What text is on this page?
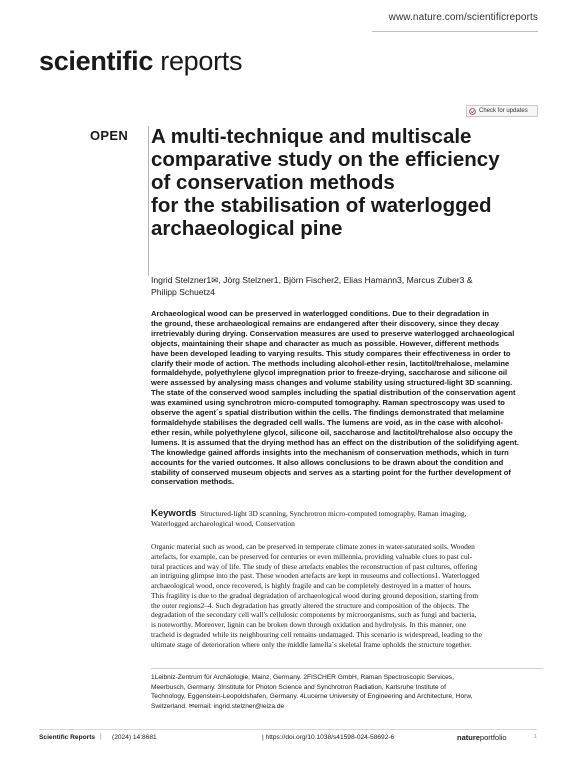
www.nature.com/scientificreports
scientific reports
Check for updates
OPEN A multi-technique and multiscale
comparative study on the efficiency
of conservation methods
for the stabilisation of waterlogged
archaeological pine
Ingrid Stelzner1✉, Jörg Stelzner1, Björn Fischer2, Elias Hamann3, Marcus Zuber3 &
Philipp Schuetz4
Archaeological wood can be preserved in waterlogged conditions. Due to their degradation in
the ground, these archaeological remains are endangered after their discovery, since they decay
irretrievably during drying. Conservation measures are used to preserve waterlogged archaeological
objects, maintaining their shape and character as much as possible. However, different methods
have been developed leading to varying results. This study compares their effectiveness in order to
clarify their mode of action. The methods including alcohol-ether resin, lactitol/trehalose, melamine
formaldehyde, polyethylene glycol impregnation prior to freeze-drying, saccharose and silicone oil
were assessed by analysing mass changes and volume stability using structured-light 3D scanning.
The state of the conserved wood samples including the spatial distribution of the conservation agent
was examined using synchrotron micro-computed tomography. Raman spectroscopy was used to
observe the agent´s spatial distribution within the cells. The findings demonstrated that melamine
formaldehyde stabilises the degraded cell walls. The lumens are void, as in the case with alcohol-
ether resin, while polyethylene glycol, silicone oil, saccharose and lactitol/trehalose also occupy the
lumens. It is assumed that the drying method has an effect on the distribution of the solidifying agent.
The knowledge gained affords insights into the mechanism of conservation methods, which in turn
accounts for the varied outcomes. It also allows conclusions to be drawn about the condition and
stability of conserved museum objects and serves as a starting point for the further development of
conservation methods.
Keywords Structured-light 3D scanning, Synchrotron micro-computed tomography, Raman imaging,
Waterlogged archaeological wood, Conservation
Organic material such as wood, can be preserved in temperate climate zones in water-saturated soils. Wooden
artefacts, for example, can be preserved for centuries or even millennia, providing valuable clues to past cul-
tural practices and way of life. The study of these artefacts enables the reconstruction of past cultures, offering
an intriguing glimpse into the past. These wooden artefacts are kept in museums and collections1. Waterlogged
archaeological wood, once recovered, is highly fragile and can be completely destroyed in a matter of hours.
This fragility is due to the gradual degradation of archaeological wood during ground deposition, starting from
the outer regions2–4. Such degradation has greatly altered the structure and composition of the objects. The
degradation of the secondary cell wall's cellulosic components by microorganisms, such as fungi and bacteria,
is noteworthy. Moreover, lignin can be broken down through oxidation and hydrolysis. In this manner, one
tracheid is degraded while its neighbouring cell remains undamaged. This scenario is widespread, leading to the
ultimate stage of deterioration where only the middle lamella´s skeletal frame upholds the structure together.
1Leibniz-Zentrum für Archäologie, Mainz, Germany. 2FISCHER GmbH, Raman Spectroscopic Services,
Meerbusch, Germany. 3Institute for Photon Science and Synchrotron Radiation, Karlsruhe Institute of
Technology, Eggenstein-Leopoldshafen, Germany. 4Lucerne University of Engineering and Architecture, Horw,
Switzerland. ✉email: ingrid.stelzner@leiza.de
Scientific Reports | (2024) 14:8681	| https://doi.org/10.1038/s41598-024-58692-6	natureportfolio	1
